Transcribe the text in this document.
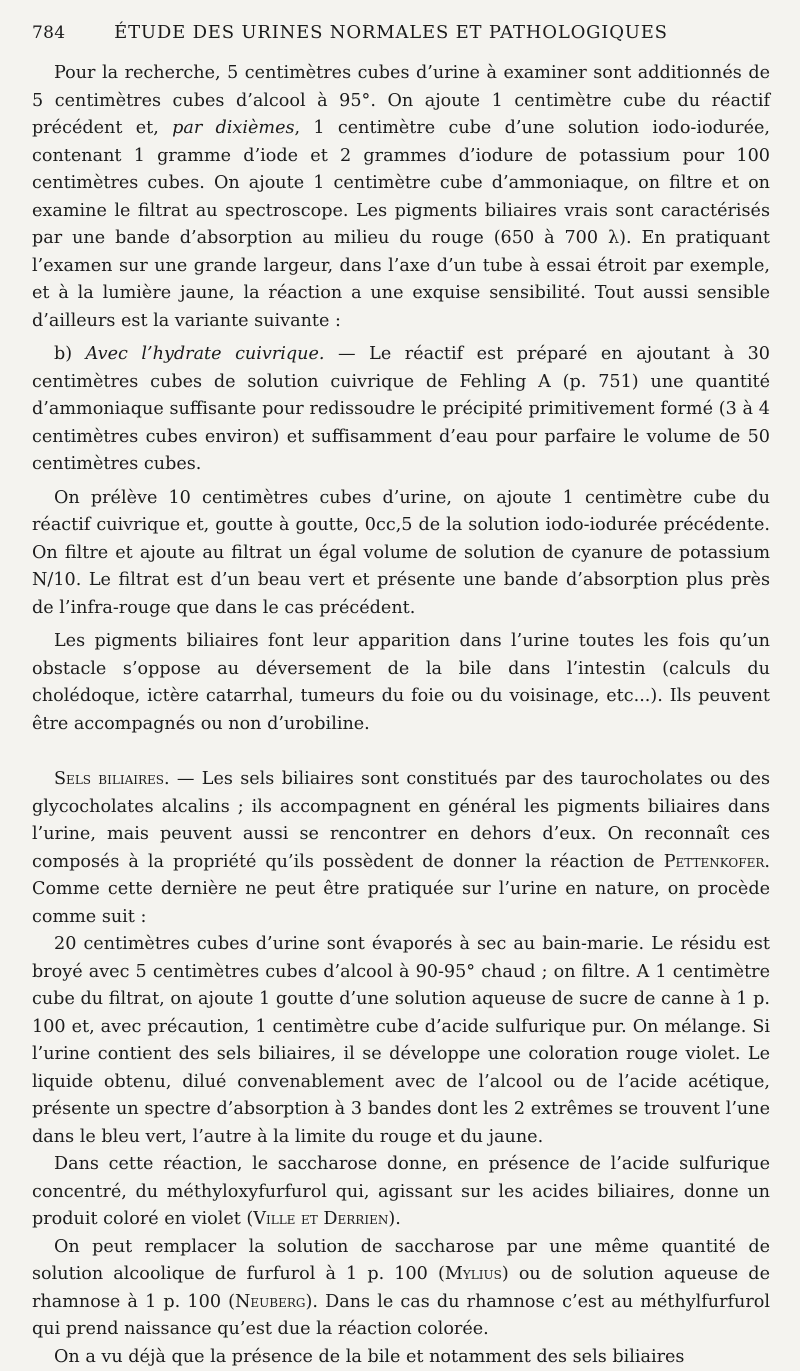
784	ÉTUDE DES URINES NORMALES ET PATHOLOGIQUES

Pour la recherche, 5 centimètres cubes d’urine à examiner sont additionnés de 5 centimètres cubes d’alcool à 95°. On ajoute 1 centimètre cube du réactif précédent et, par dixièmes, 1 centimètre cube d’une solution iodo-iodurée, contenant 1 gramme d’iode et 2 grammes d’iodure de potassium pour 100 centimètres cubes. On ajoute 1 centimètre cube d’ammoniaque, on filtre et on examine le filtrat au spectroscope. Les pigments biliaires vrais sont caractérisés par une bande d’absorption au milieu du rouge (650 à 700 λ). En pratiquant l’examen sur une grande largeur, dans l’axe d’un tube à essai étroit par exemple, et à la lumière jaune, la réaction a une exquise sensibilité. Tout aussi sensible d’ailleurs est la variante suivante :

b) Avec l’hydrate cuivrique. — Le réactif est préparé en ajoutant à 30 centimètres cubes de solution cuivrique de Fehling A (p. 751) une quantité d’ammoniaque suffisante pour redissoudre le précipité primitivement formé (3 à 4 centimètres cubes environ) et suffisamment d’eau pour parfaire le volume de 50 centimètres cubes.

On prélève 10 centimètres cubes d’urine, on ajoute 1 centimètre cube du réactif cuivrique et, goutte à goutte, 0cc,5 de la solution iodo-iodurée précédente. On filtre et ajoute au filtrat un égal volume de solution de cyanure de potassium N/10. Le filtrat est d’un beau vert et présente une bande d’absorption plus près de l’infra-rouge que dans le cas précédent.

Les pigments biliaires font leur apparition dans l’urine toutes les fois qu’un obstacle s’oppose au déversement de la bile dans l’intestin (calculs du cholédoque, ictère catarrhal, tumeurs du foie ou du voisinage, etc...). Ils peuvent être accompagnés ou non d’urobiline.

Sels biliaires. — Les sels biliaires sont constitués par des taurocholates ou des glycocholates alcalins ; ils accompagnent en général les pigments biliaires dans l’urine, mais peuvent aussi se rencontrer en dehors d’eux. On reconnaît ces composés à la propriété qu’ils possèdent de donner la réaction de Pettenkofer. Comme cette dernière ne peut être pratiquée sur l’urine en nature, on procède comme suit :

20 centimètres cubes d’urine sont évaporés à sec au bain-marie. Le résidu est broyé avec 5 centimètres cubes d’alcool à 90-95° chaud ; on filtre. A 1 centimètre cube du filtrat, on ajoute 1 goutte d’une solution aqueuse de sucre de canne à 1 p. 100 et, avec précaution, 1 centimètre cube d’acide sulfurique pur. On mélange. Si l’urine contient des sels biliaires, il se développe une coloration rouge violet. Le liquide obtenu, dilué convenablement avec de l’alcool ou de l’acide acétique, présente un spectre d’absorption à 3 bandes dont les 2 extrêmes se trouvent l’une dans le bleu vert, l’autre à la limite du rouge et du jaune.

Dans cette réaction, le saccharose donne, en présence de l’acide sulfurique concentré, du méthyloxyfurfurol qui, agissant sur les acides biliaires, donne un produit coloré en violet (Ville et Derrien).

On peut remplacer la solution de saccharose par une même quantité de solution alcoolique de furfurol à 1 p. 100 (Mylius) ou de solution aqueuse de rhamnose à 1 p. 100 (Neuberg). Dans le cas du rhamnose c’est au méthylfurfurol qui prend naissance qu’est due la réaction colorée.

On a vu déjà que la présence de la bile et notamment des sels biliaires
